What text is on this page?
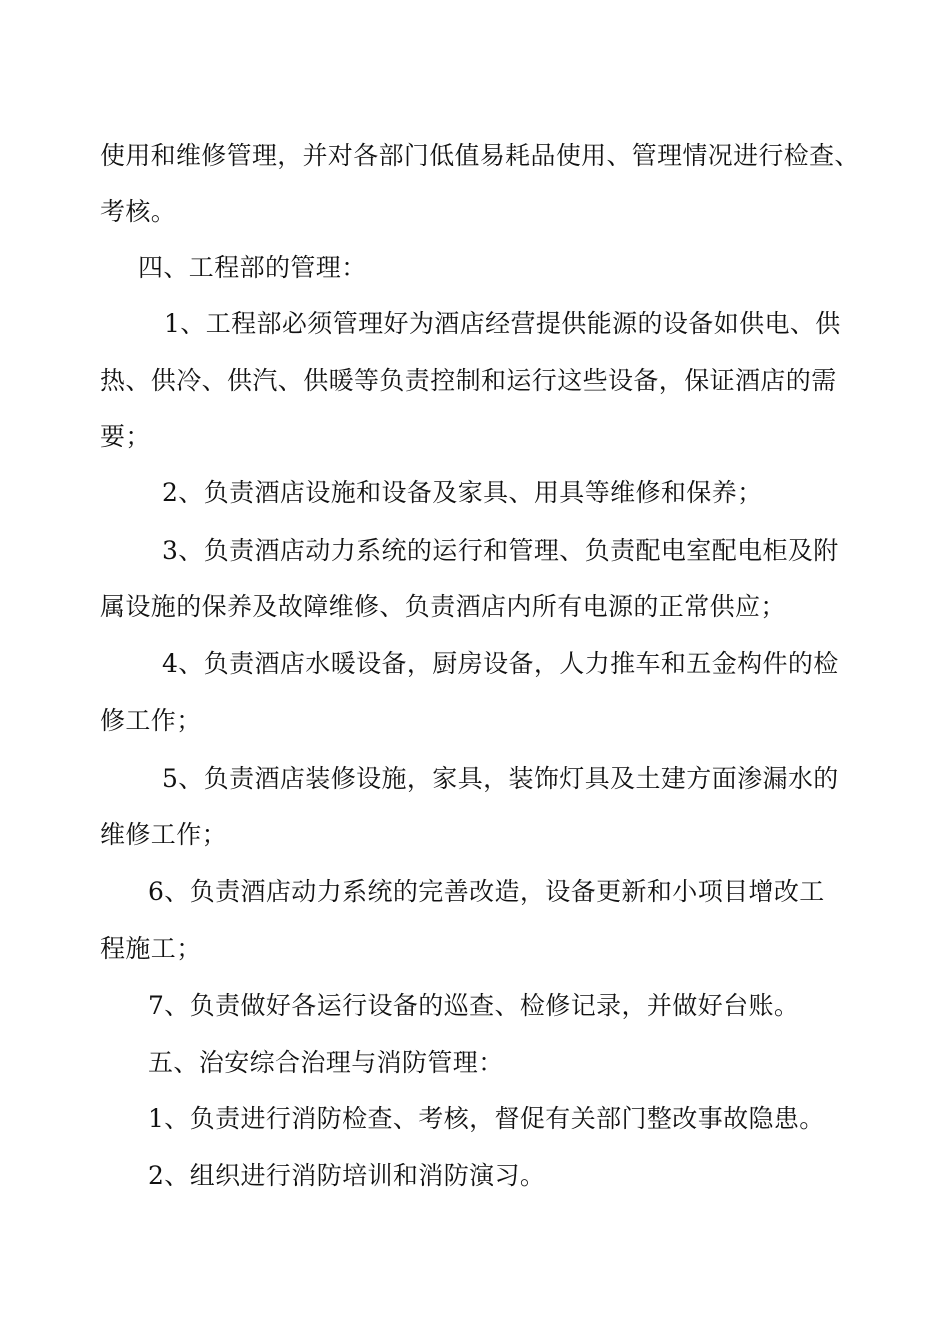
使用和维修管理，并对各部门低值易耗品使用、管理情况进行检查、
考核。
四、工程部的管理：
1、工程部必须管理好为酒店经营提供能源的设备如供电、供
热、供冷、供汽、供暖等负责控制和运行这些设备，保证酒店的需
要；
2、负责酒店设施和设备及家具、用具等维修和保养；
3、负责酒店动力系统的运行和管理、负责配电室配电柜及附
属设施的保养及故障维修、负责酒店内所有电源的正常供应；
4、负责酒店水暖设备，厨房设备，人力推车和五金构件的检
修工作；
5、负责酒店装修设施，家具，装饰灯具及土建方面渗漏水的
维修工作；
6、负责酒店动力系统的完善改造，设备更新和小项目增改工
程施工；
7、负责做好各运行设备的巡查、检修记录，并做好台账。
五、治安综合治理与消防管理：
1、负责进行消防检查、考核，督促有关部门整改事故隐患。
2、组织进行消防培训和消防演习。
